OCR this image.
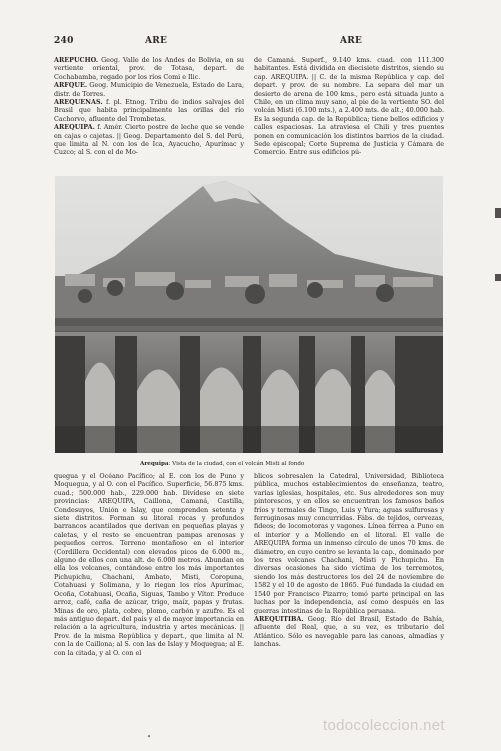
240	ARE	ARE

AREPUCHO. Geog. Valle de los Andes de Bolivia, en su vertiente oriental, prov. de Totasa, depart. de Cochabamba, regado por los ríos Comi e Ilic.

ARFQUE. Geog. Municipio de Venezuela, Estado de Lara, distr. de Torres.

AREQUENAS. f. pl. Etnog. Tribu de indios salvajes del Brasil que habita principalmente las orillas del río Cachorvo, afluente del Trombetas.

AREQUIPA. f. Amér. Cierto postre de leche que se vende en cajas o cajetas. || Geog. Departamento del S. del Perú, que limita al N. con los de Ica, Ayacucho, Apurímac y Cuzco; al S. con el de Mo-

de Camaná. Superf., 9.140 kms. cuad. con 111.300 habitantes. Está dividida en diecisiete distritos, siendo su cap. AREQUIPA. || C. de la misma República y cap. del depart. y prov. de su nombre. La separa del mar un desierto de arena de 100 kms., pero está situada junto a Chile, en un clima muy sano, al pie de la vertiente SO. del volcán Misti (6.100 mts.), a 2.400 mts. de alt.; 40.000 hab. Es la segunda cap. de la República; tiene bellos edificios y calles espaciosas. La atraviesa el Chili y tres puentes ponen en comunicación los distintos barrios de la ciudad. Sede episcopal; Corte Suprema de Justicia y Cámara de Comercio. Entre sus edificios pú-
Arequipa: Vista de la ciudad, con el volcán Misti al fondo
quegua y el Océano Pacífico; al E. con los de Puno y Moquegua, y al O. con el Pacífico. Superficie, 56.875 kms. cuad.; 500.000 hab., 229.000 hab. Divídese en siete provincias: AREQUIPA, Caillona, Camaná, Castilla, Condesuyos, Unión e Islay, que comprenden setenta y siete distritos. Forman su litoral rocas y profundos barrancos acantilados que derivan en pequeñas playas y caletas, y el resto se encuentran pampas arenosas y pequeños cerros. Terreno montañoso en el interior (Cordillera Occidental) con elevados picos de 6.000 m., alguno de ellos con una alt. de 6.000 metros. Abundan en ella los volcanes, contándose entre los más importantes Pichupichu, Chachani, Ambato, Misti, Coropuna, Cotahuasi y Solimana, y lo riegan los ríos Apurímac, Ocoña, Cotahuasi, Ocaña, Siguas, Tambo y Vítor. Produce arroz, café, caña de azúcar, trigo, maíz, papas y frutas. Minas de oro, plata, cobre, plomo, carbón y azufre. Es el más antiguo depart. del país y el de mayor importancia en relación a la agricultura, industria y artes mecánicas. || Prov. de la misma República y depart., que limita al N. con la de Caillona; al S. con las de Islay y Moquegua; al E. con la citada, y al O. con el

blicos sobresalen la Catedral, Universidad, Biblioteca pública, muchos establecimientos de enseñanza, teatro, varias iglesias, hospitales, etc. Sus alrededores son muy pintorescos, y en ellos se encuentran los famosos baños fríos y termales de Tingo, Luis y Yura; aguas sulfurosas y ferruginosas muy concurridas. Fábs. de tejidos, cervezas, fideos; de locomotoras y vagones. Línea férrea a Puno en el interior y a Mollendo en el litoral. El valle de AREQUIPA forma un inmenso círculo de unos 70 kms. de diámetro, en cuyo centro se levanta la cap., dominado por los tres volcanes Chachani, Misti y Pichupichu. En diversas ocasiones ha sido víctima de los terremotos, siendo los más destructores los del 24 de noviembre de 1582 y el 10 de agosto de 1865. Fué fundada la ciudad en 1540 por Francisco Pizarro; tomó parte principal en las luchas por la independencia, así como después en las guerras intestinas de la República peruana.

AREQUITIBA. Geog. Río del Brasil, Estado de Bahía, afluente del Real, que, a su vez, es tributario del Atlántico. Sólo es navegable para las canoas, almadías y lanchas.

todocoleccion.net
•
